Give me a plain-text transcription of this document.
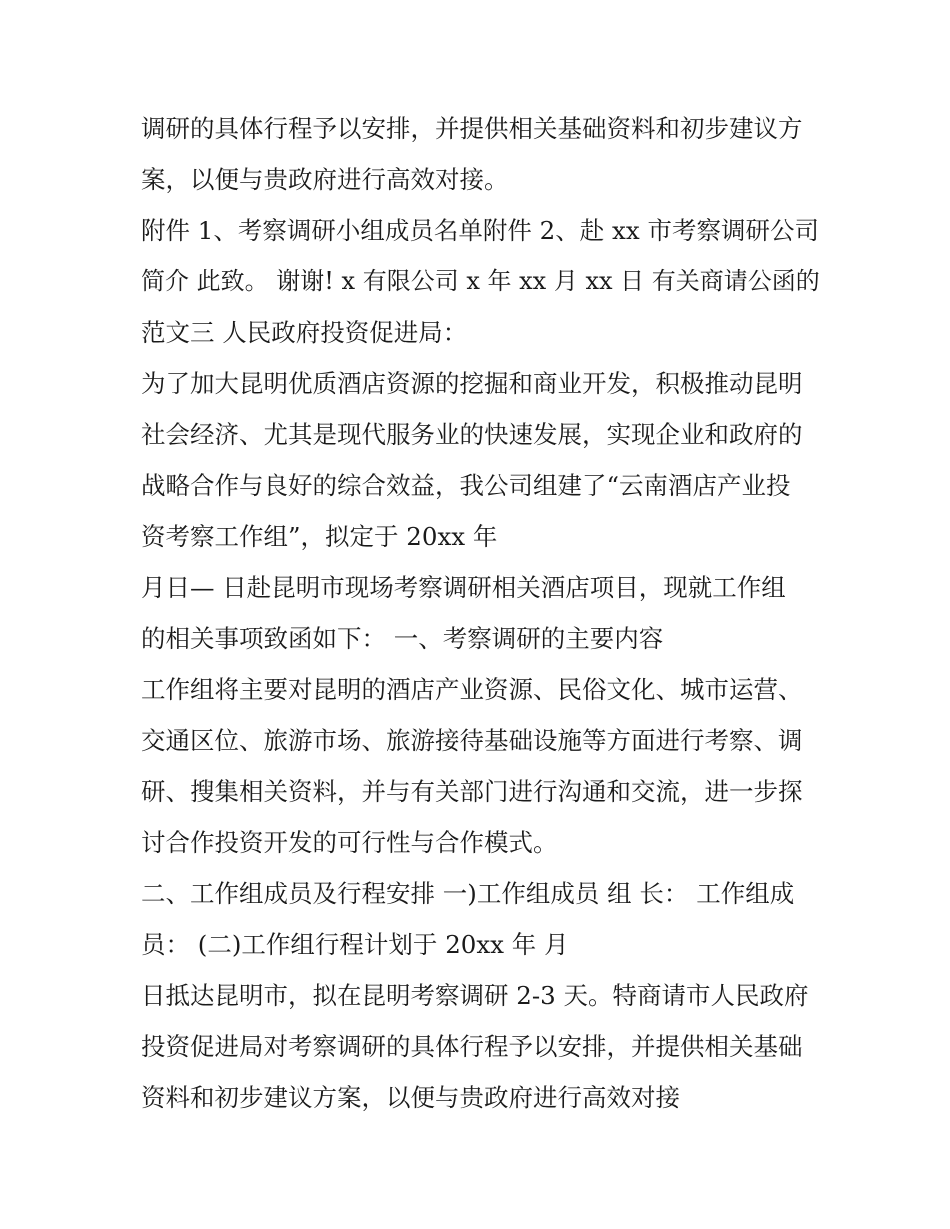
调研的具体行程予以安排，并提供相关基础资料和初步建议方
案，以便与贵政府进行高效对接。
附件 1、考察调研小组成员名单附件 2、赴 xx 市考察调研公司
简介 此致。 谢谢! x 有限公司 x 年 xx 月 xx 日 有关商请公函的
范文三 人民政府投资促进局：
为了加大昆明优质酒店资源的挖掘和商业开发，积极推动昆明
社会经济、尤其是现代服务业的快速发展，实现企业和政府的
战略合作与良好的综合效益，我公司组建了“云南酒店产业投
资考察工作组”，拟定于 20xx 年
月日— 日赴昆明市现场考察调研相关酒店项目，现就工作组
的相关事项致函如下： 一、考察调研的主要内容
工作组将主要对昆明的酒店产业资源、民俗文化、城市运营、
交通区位、旅游市场、旅游接待基础设施等方面进行考察、调
研、搜集相关资料，并与有关部门进行沟通和交流，进一步探
讨合作投资开发的可行性与合作模式。
二、工作组成员及行程安排 一)工作组成员 组 长： 工作组成
员： (二)工作组行程计划于 20xx 年 月
日抵达昆明市，拟在昆明考察调研 2-3 天。特商请市人民政府
投资促进局对考察调研的具体行程予以安排，并提供相关基础
资料和初步建议方案，以便与贵政府进行高效对接
